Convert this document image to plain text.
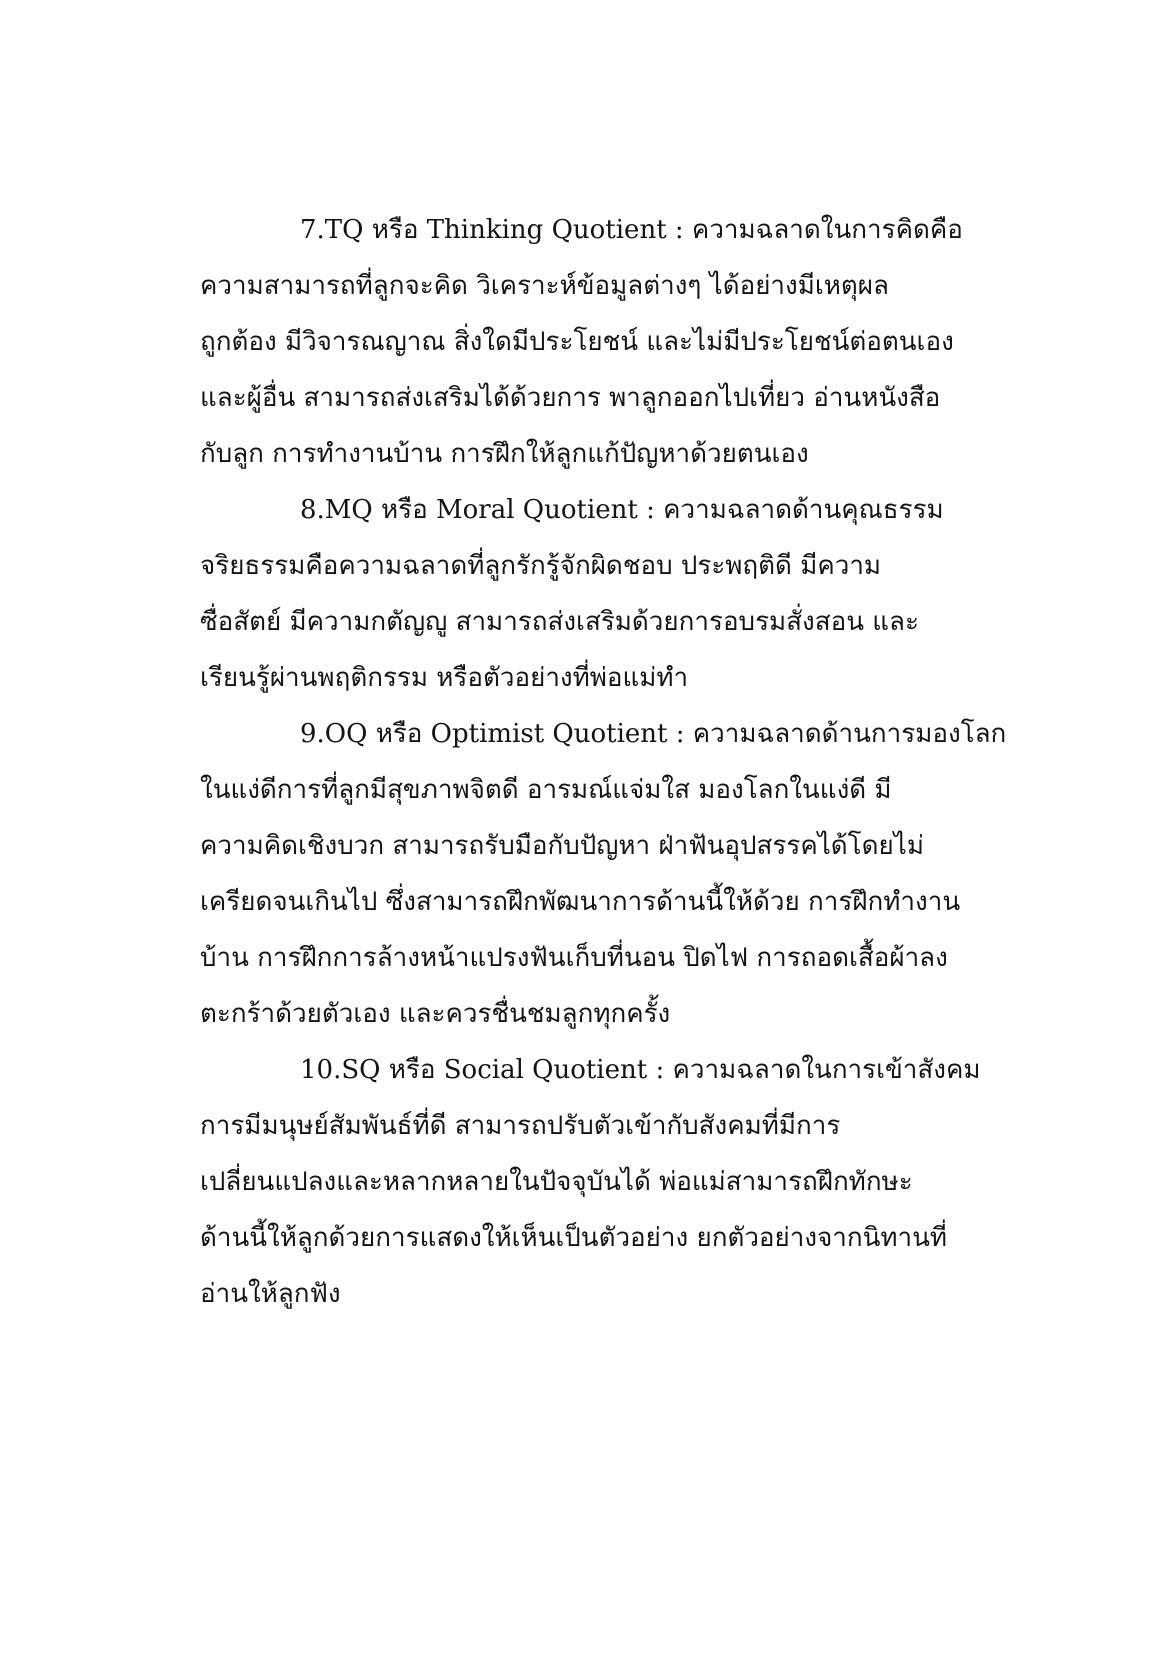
7.TQ หรือ Thinking Quotient : ความฉลาดในการคิดคือ
ความสามารถที่ลูกจะคิด วิเคราะห์ข้อมูลต่างๆ ได้อย่างมีเหตุผล
ถูกต้อง มีวิจารณญาณ สิ่งใดมีประโยชน์ และไม่มีประโยชน์ต่อตนเอง
และผู้อื่น สามารถส่งเสริมได้ด้วยการ พาลูกออกไปเที่ยว อ่านหนังสือ
กับลูก การทำงานบ้าน การฝึกให้ลูกแก้ปัญหาด้วยตนเอง
8.MQ หรือ Moral Quotient : ความฉลาดด้านคุณธรรม
จริยธรรมคือความฉลาดที่ลูกรักรู้จักผิดชอบ ประพฤติดี มีความ
ซื่อสัตย์ มีความกตัญญู สามารถส่งเสริมด้วยการอบรมสั่งสอน และ
เรียนรู้ผ่านพฤติกรรม หรือตัวอย่างที่พ่อแม่ทำ
9.OQ หรือ Optimist Quotient : ความฉลาดด้านการมองโลก
ในแง่ดีการที่ลูกมีสุขภาพจิตดี อารมณ์แจ่มใส มองโลกในแง่ดี มี
ความคิดเชิงบวก สามารถรับมือกับปัญหา ฝ่าฟันอุปสรรคได้โดยไม่
เครียดจนเกินไป ซึ่งสามารถฝึกพัฒนาการด้านนี้ให้ด้วย การฝึกทำงาน
บ้าน การฝึกการล้างหน้าแปรงฟันเก็บที่นอน ปิดไฟ การถอดเสื้อผ้าลง
ตะกร้าด้วยตัวเอง และควรชื่นชมลูกทุกครั้ง
10.SQ หรือ Social Quotient : ความฉลาดในการเข้าสังคม
การมีมนุษย์สัมพันธ์ที่ดี สามารถปรับตัวเข้ากับสังคมที่มีการ
เปลี่ยนแปลงและหลากหลายในปัจจุบันได้ พ่อแม่สามารถฝึกทักษะ
ด้านนี้ให้ลูกด้วยการแสดงให้เห็นเป็นตัวอย่าง ยกตัวอย่างจากนิทานที่
อ่านให้ลูกฟัง
